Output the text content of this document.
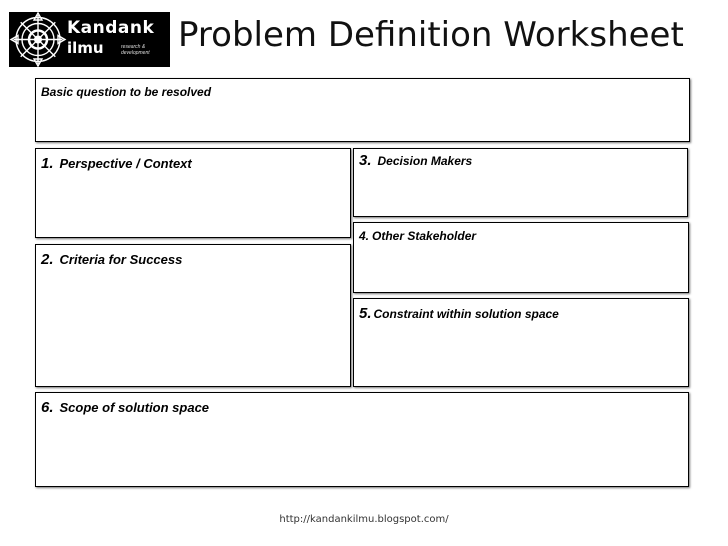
Kandank
ilmu	research & development Problem Definition Worksheet
Basic question to be resolved
1. Perspective / Context
2. Criteria for Success
3. Decision Makers
4. Other Stakeholder
5. Constraint within solution space
6. Scope of solution space
http://kandankilmu.blogspot.com/
